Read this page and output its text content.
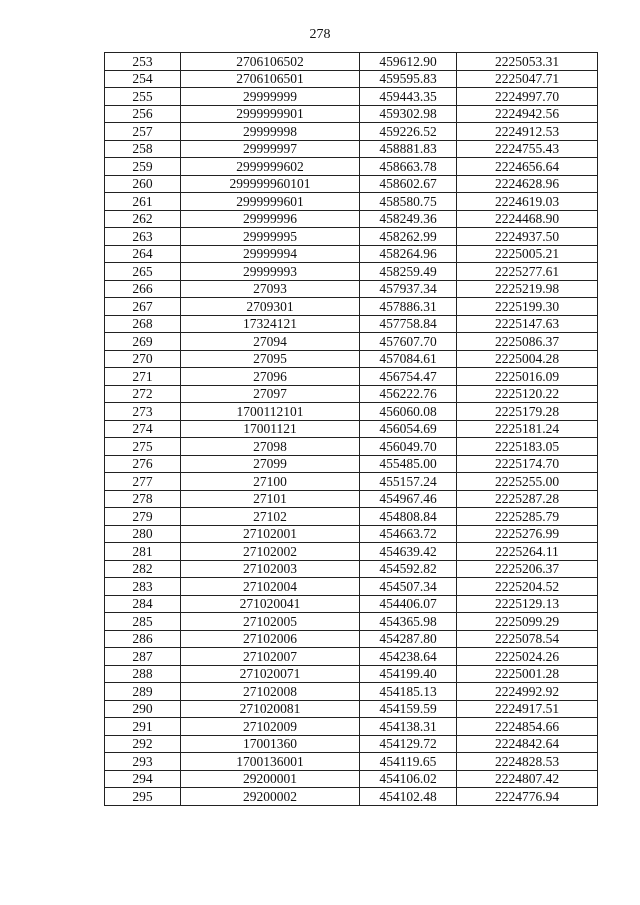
278
253	2706106502	459612.90	2225053.31
254	2706106501	459595.83	2225047.71
255	29999999	459443.35	2224997.70
256	2999999901	459302.98	2224942.56
257	29999998	459226.52	2224912.53
258	29999997	458881.83	2224755.43
259	2999999602	458663.78	2224656.64
260	299999960101	458602.67	2224628.96
261	2999999601	458580.75	2224619.03
262	29999996	458249.36	2224468.90
263	29999995	458262.99	2224937.50
264	29999994	458264.96	2225005.21
265	29999993	458259.49	2225277.61
266	27093	457937.34	2225219.98
267	2709301	457886.31	2225199.30
268	17324121	457758.84	2225147.63
269	27094	457607.70	2225086.37
270	27095	457084.61	2225004.28
271	27096	456754.47	2225016.09
272	27097	456222.76	2225120.22
273	1700112101	456060.08	2225179.28
274	17001121	456054.69	2225181.24
275	27098	456049.70	2225183.05
276	27099	455485.00	2225174.70
277	27100	455157.24	2225255.00
278	27101	454967.46	2225287.28
279	27102	454808.84	2225285.79
280	27102001	454663.72	2225276.99
281	27102002	454639.42	2225264.11
282	27102003	454592.82	2225206.37
283	27102004	454507.34	2225204.52
284	271020041	454406.07	2225129.13
285	27102005	454365.98	2225099.29
286	27102006	454287.80	2225078.54
287	27102007	454238.64	2225024.26
288	271020071	454199.40	2225001.28
289	27102008	454185.13	2224992.92
290	271020081	454159.59	2224917.51
291	27102009	454138.31	2224854.66
292	17001360	454129.72	2224842.64
293	1700136001	454119.65	2224828.53
294	29200001	454106.02	2224807.42
295	29200002	454102.48	2224776.94
